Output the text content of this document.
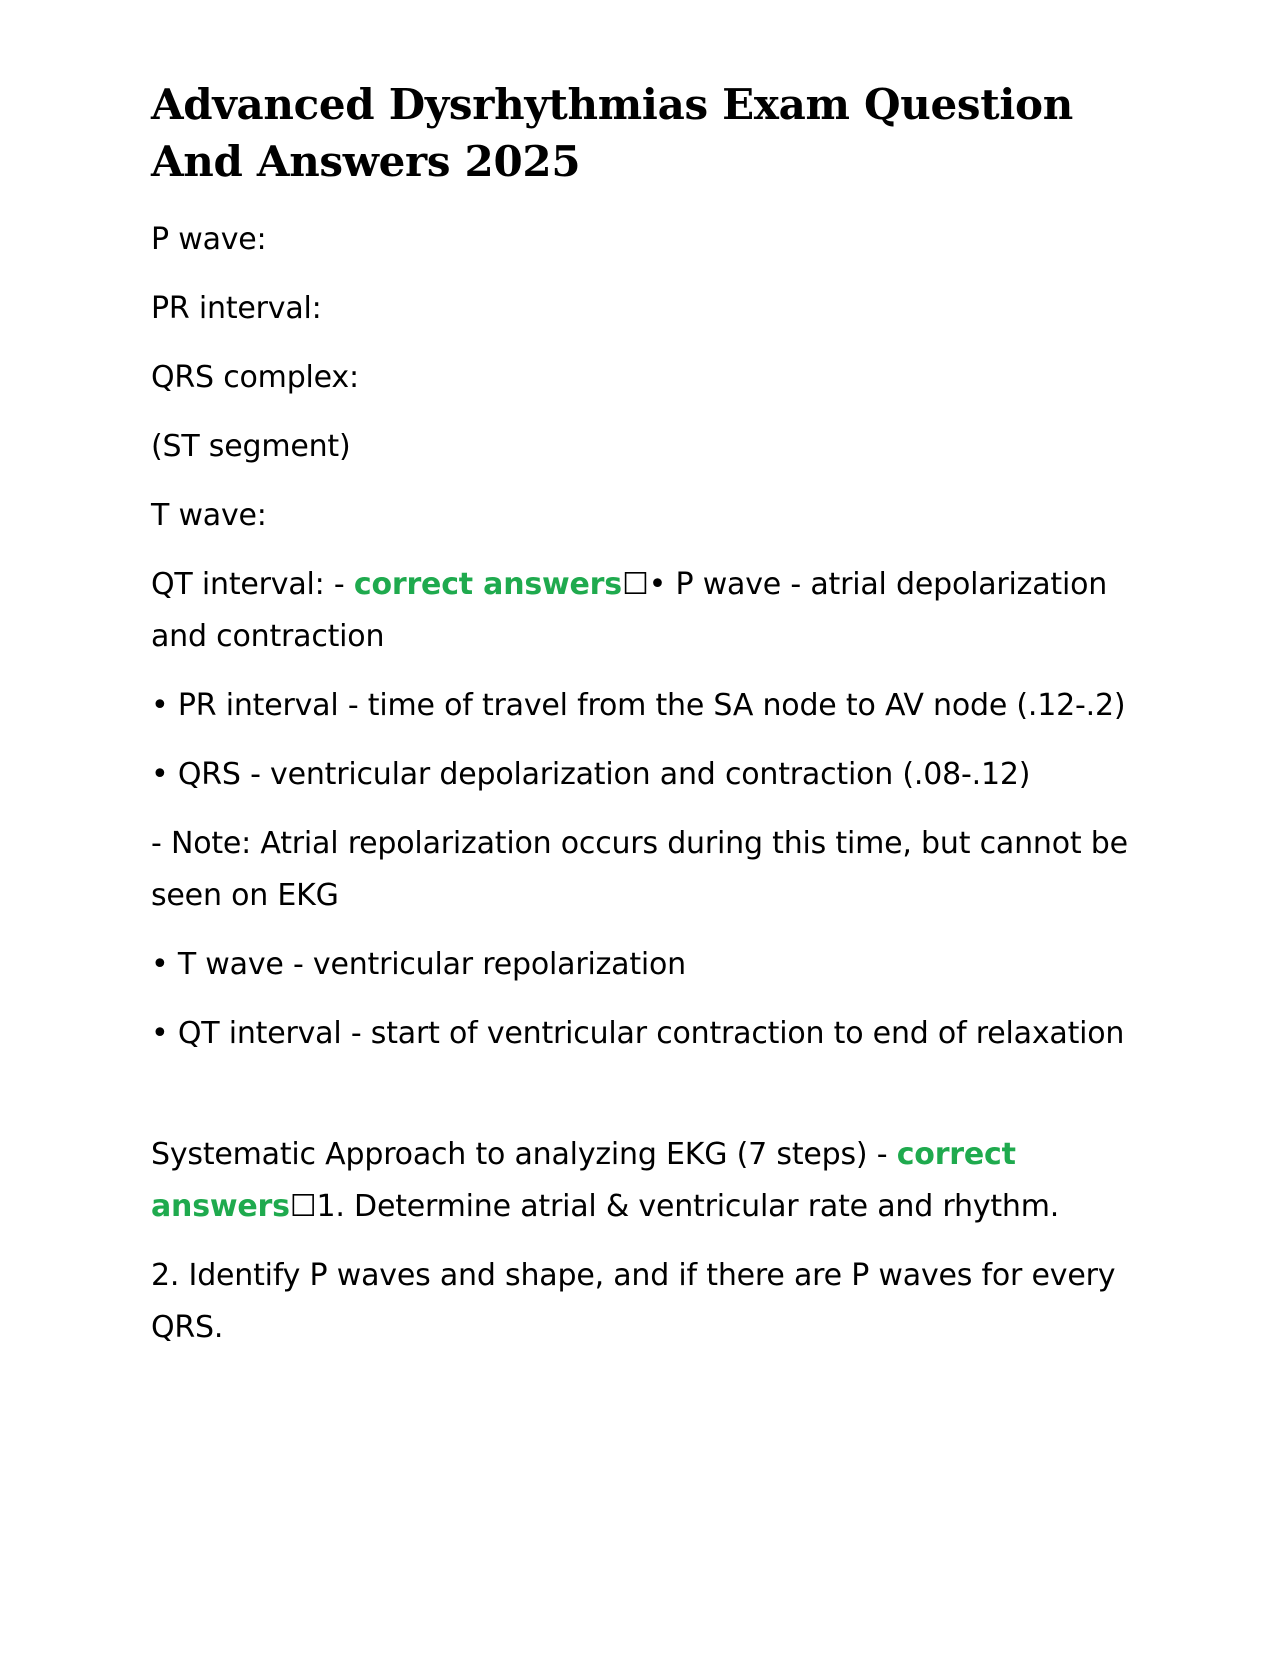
Advanced Dysrhythmias Exam Question And Answers 2025

P wave:

PR interval:

QRS complex:

(ST segment)

T wave:

QT interval: - correct answers☐• P wave - atrial depolarization and contraction

• PR interval - time of travel from the SA node to AV node (.12-.2)

• QRS - ventricular depolarization and contraction (.08-.12)

- Note: Atrial repolarization occurs during this time, but cannot be seen on EKG

• T wave - ventricular repolarization

• QT interval - start of ventricular contraction to end of relaxation

Systematic Approach to analyzing EKG (7 steps) - correct answers☐1. Determine atrial & ventricular rate and rhythm.

2. Identify P waves and shape, and if there are P waves for every QRS.
